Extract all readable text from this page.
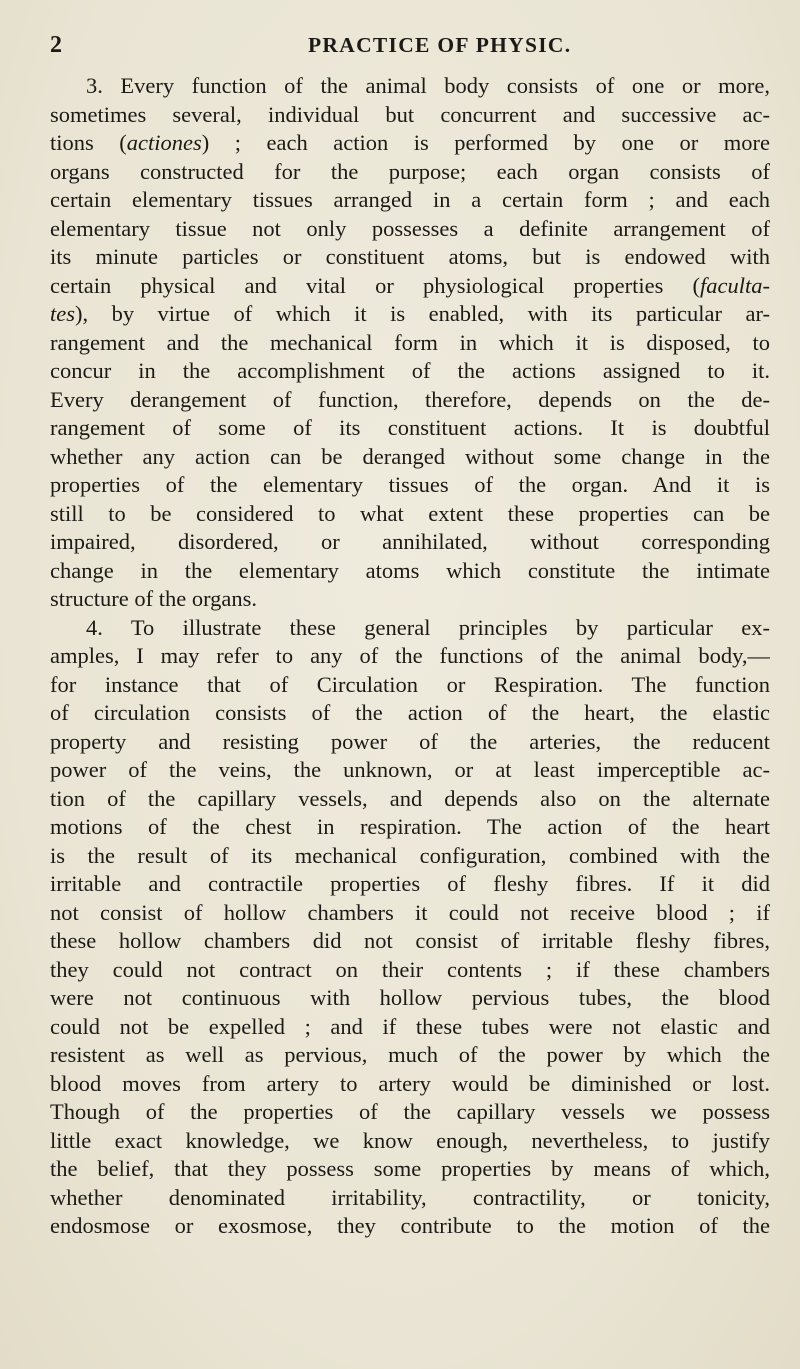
2	PRACTICE OF PHYSIC.
3. Every function of the animal body consists of one or more,
sometimes several, individual but concurrent and successive ac-
tions (actiones) ; each action is performed by one or more
organs constructed for the purpose; each organ consists of
certain elementary tissues arranged in a certain form ; and each
elementary tissue not only possesses a definite arrangement of
its minute particles or constituent atoms, but is endowed with
certain physical and vital or physiological properties (faculta-
tes), by virtue of which it is enabled, with its particular ar-
rangement and the mechanical form in which it is disposed, to
concur in the accomplishment of the actions assigned to it.
Every derangement of function, therefore, depends on the de-
rangement of some of its constituent actions. It is doubtful
whether any action can be deranged without some change in the
properties of the elementary tissues of the organ. And it is
still to be considered to what extent these properties can be
impaired, disordered, or annihilated, without corresponding
change in the elementary atoms which constitute the intimate
structure of the organs.
4. To illustrate these general principles by particular ex-
amples, I may refer to any of the functions of the animal body,—
for instance that of Circulation or Respiration. The function
of circulation consists of the action of the heart, the elastic
property and resisting power of the arteries, the reducent
power of the veins, the unknown, or at least imperceptible ac-
tion of the capillary vessels, and depends also on the alternate
motions of the chest in respiration. The action of the heart
is the result of its mechanical configuration, combined with the
irritable and contractile properties of fleshy fibres. If it did
not consist of hollow chambers it could not receive blood ; if
these hollow chambers did not consist of irritable fleshy fibres,
they could not contract on their contents ; if these chambers
were not continuous with hollow pervious tubes, the blood
could not be expelled ; and if these tubes were not elastic and
resistent as well as pervious, much of the power by which the
blood moves from artery to artery would be diminished or lost.
Though of the properties of the capillary vessels we possess
little exact knowledge, we know enough, nevertheless, to justify
the belief, that they possess some properties by means of which,
whether denominated irritability, contractility, or tonicity,
endosmose or exosmose, they contribute to the motion of the
